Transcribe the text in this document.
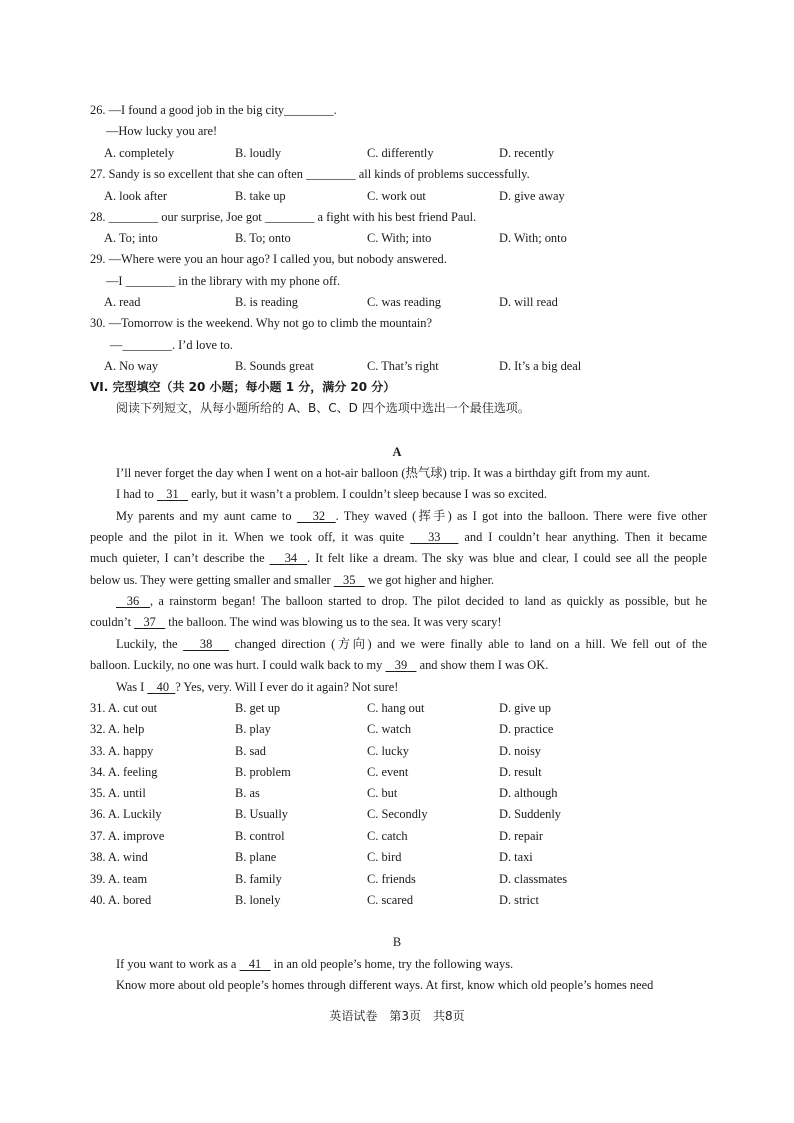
26. —I found a good job in the big city________.
—How lucky you are!
A. completely	B. loudly	C. differently	D. recently
27. Sandy is so excellent that she can often ________ all kinds of problems successfully.
A. look after	B. take up	C. work out	D. give away
28. ________ our surprise, Joe got ________ a fight with his best friend Paul.
A. To; into	B. To; onto	C. With; into	D. With; onto
29. —Where were you an hour ago? I called you, but nobody answered.
—I ________ in the library with my phone off.
A. read	B. is reading	C. was reading	D. will read
30. —Tomorrow is the weekend. Why not go to climb the mountain?
—________. I’d love to.
A. No way	B. Sounds great	C. That’s right	D. It’s a big deal
VI. 完型填空（共 20 小题；每小题 1 分，满分 20 分）
阅读下列短文，从每小题所给的 A、B、C、D 四个选项中选出一个最佳选项。
A
I’ll never forget the day when I went on a hot-air balloon (热气球) trip. It was a birthday gift from my aunt.
I had to 31 early, but it wasn’t a problem. I couldn’t sleep because I was so excited.
My parents and my aunt came to 32 . They waved (挥手) as I got into the balloon. There were five other
people and the pilot in it. When we took off, it was quite 33 and I couldn’t hear anything. Then it became
much quieter, I can’t describe the 34 . It felt like a dream. The sky was blue and clear, I could see all the people
below us. They were getting smaller and smaller 35 we got higher and higher.
36 , a rainstorm began! The balloon started to drop. The pilot decided to land as quickly as possible, but he
couldn’t 37 the balloon. The wind was blowing us to the sea. It was very scary!
Luckily, the 38 changed direction (方向) and we were finally able to land on a hill. We fell out of the
balloon. Luckily, no one was hurt. I could walk back to my 39 and show them I was OK.
Was I 40 ? Yes, very. Will I ever do it again? Not sure!
31. A. cut out	B. get up	C. hang out	D. give up
32. A. help	B. play	C. watch	D. practice
33. A. happy	B. sad	C. lucky	D. noisy
34. A. feeling	B. problem	C. event	D. result
35. A. until	B. as	C. but	D. although
36. A. Luckily	B. Usually	C. Secondly	D. Suddenly
37. A. improve	B. control	C. catch	D. repair
38. A. wind	B. plane	C. bird	D. taxi
39. A. team	B. family	C. friends	D. classmates
40. A. bored	B. lonely	C. scared	D. strict
B
If you want to work as a 41 in an old people’s home, try the following ways.
Know more about old people’s homes through different ways. At first, know which old people’s homes need
英语试卷　第3页　共8页
